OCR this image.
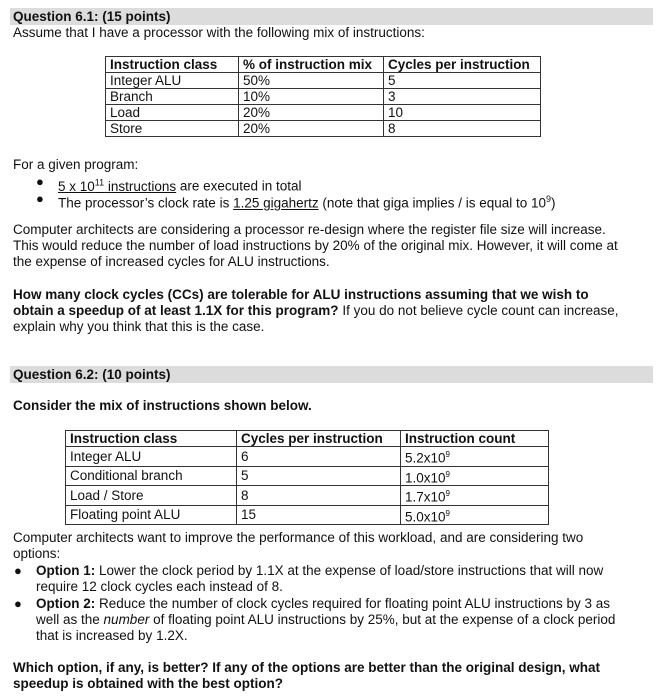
Question 6.1: (15 points)
Assume that I have a processor with the following mix of instructions:
Instruction class	% of instruction mix	Cycles per instruction
Integer ALU	50%	5
Branch	10%	3
Load	20%	10
Store	20%	8
For a given program:
● 5 x $10^{11}$ instructions are executed in total
● The processor’s clock rate is 1.25 gigahertz (note that giga implies / is equal to $10^9$)
Computer architects are considering a processor re-design where the register file size will increase.
This would reduce the number of load instructions by 20% of the original mix. However, it will come at
the expense of increased cycles for ALU instructions.
How many clock cycles (CCs) are tolerable for ALU instructions assuming that we wish to
obtain a speedup of at least 1.1X for this program? If you do not believe cycle count can increase,
explain why you think that this is the case.
Question 6.2: (10 points)
Consider the mix of instructions shown below.
Instruction class	Cycles per instruction	Instruction count
Integer ALU	6	$5.2x10^9$
Conditional branch	5	$1.0x10^9$
Load / Store	8	$1.7x10^9$
Floating point ALU	15	$5.0x10^9$
Computer architects want to improve the performance of this workload, and are considering two
options:
● Option 1: Lower the clock period by 1.1X at the expense of load/store instructions that will now
require 12 clock cycles each instead of 8.
● Option 2: Reduce the number of clock cycles required for floating point ALU instructions by 3 as
well as the number of floating point ALU instructions by 25%, but at the expense of a clock period
that is increased by 1.2X.
Which option, if any, is better? If any of the options are better than the original design, what
speedup is obtained with the best option?
